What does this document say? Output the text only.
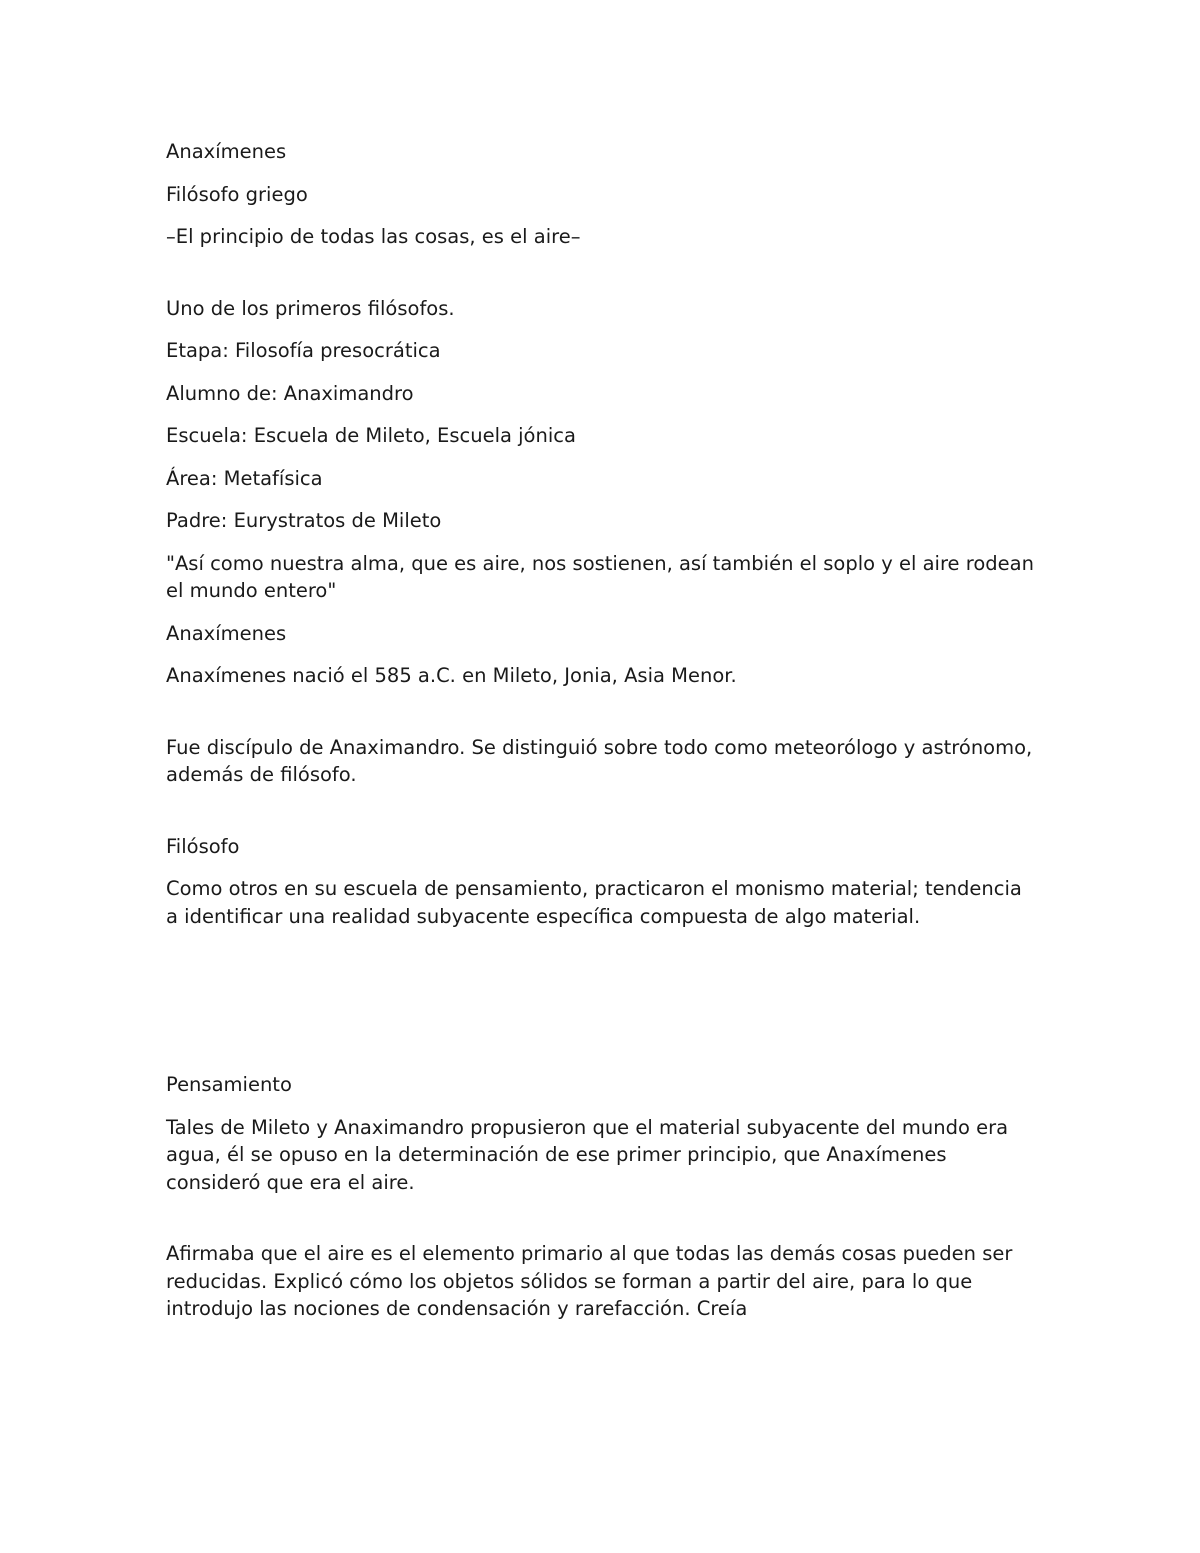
Anaxímenes

Filósofo griego

–El principio de todas las cosas, es el aire–

Uno de los primeros filósofos.

Etapa: Filosofía presocrática

Alumno de: Anaximandro

Escuela: Escuela de Mileto, Escuela jónica

Área: Metafísica

Padre: Eurystratos de Mileto

"Así como nuestra alma, que es aire, nos sostienen, así también el soplo y el aire rodean el mundo entero"

Anaxímenes

Anaxímenes nació el 585 a.C. en Mileto, Jonia, Asia Menor.

Fue discípulo de Anaximandro. Se distinguió sobre todo como meteorólogo y astrónomo, además de filósofo.

Filósofo

Como otros en su escuela de pensamiento, practicaron el monismo material; tendencia a identificar una realidad subyacente específica compuesta de algo material.

Pensamiento

Tales de Mileto y Anaximandro propusieron que el material subyacente del mundo era agua, él se opuso en la determinación de ese primer principio, que Anaxímenes consideró que era el aire.

Afirmaba que el aire es el elemento primario al que todas las demás cosas pueden ser reducidas. Explicó cómo los objetos sólidos se forman a partir del aire, para lo que introdujo las nociones de condensación y rarefacción. Creía
